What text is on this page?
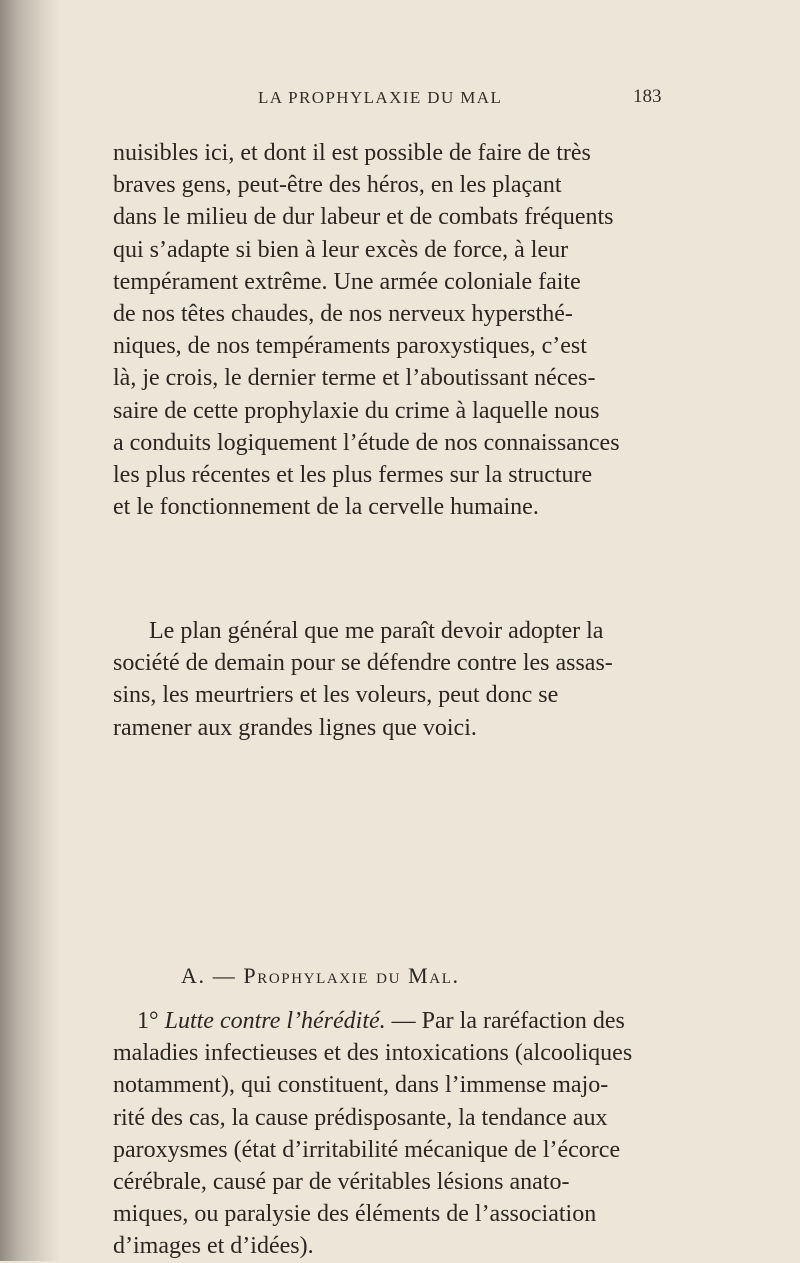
LA PROPHYLAXIE DU MAL	183
nuisibles ici, et dont il est possible de faire de très
braves gens, peut-être des héros, en les plaçant
dans le milieu de dur labeur et de combats fréquents
qui s’adapte si bien à leur excès de force, à leur
tempérament extrême. Une armée coloniale faite
de nos têtes chaudes, de nos nerveux hypersthé-
niques, de nos tempéraments paroxystiques, c’est
là, je crois, le dernier terme et l’aboutissant néces-
saire de cette prophylaxie du crime à laquelle nous
a conduits logiquement l’étude de nos connaissances
les plus récentes et les plus fermes sur la structure
et le fonctionnement de la cervelle humaine.
Le plan général que me paraît devoir adopter la
société de demain pour se défendre contre les assas-
sins, les meurtriers et les voleurs, peut donc se
ramener aux grandes lignes que voici.
A. — Prophylaxie du Mal.
1° Lutte contre l’hérédité. — Par la raréfaction des
maladies infectieuses et des intoxications (alcooliques
notamment), qui constituent, dans l’immense majo-
rité des cas, la cause prédisposante, la tendance aux
paroxysmes (état d’irritabilité mécanique de l’écorce
cérébrale, causé par de véritables lésions anato-
miques, ou paralysie des éléments de l’association
d’images et d’idées).
